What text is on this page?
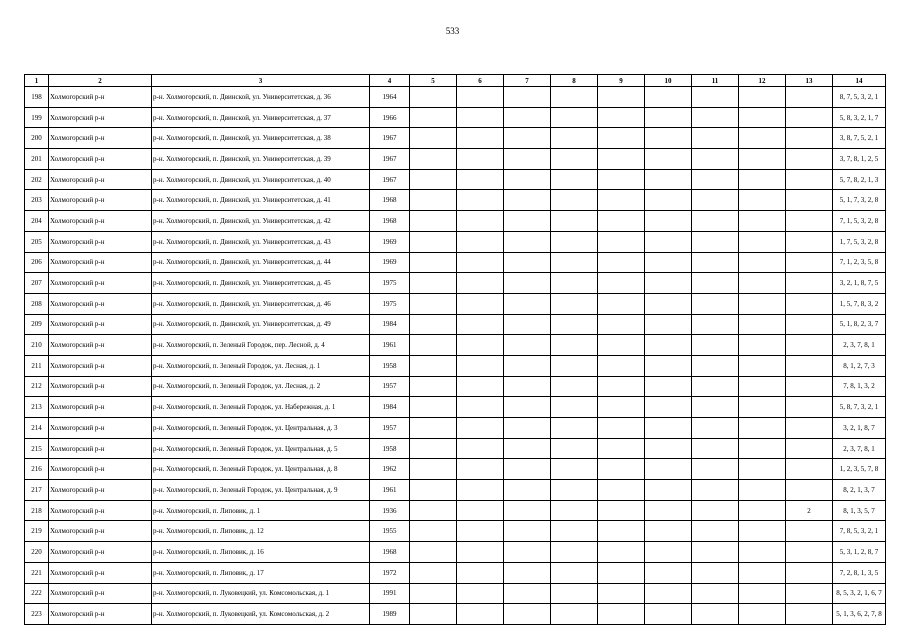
533
1	2	3	4	5	6	7	8	9	10	11	12	13	14
198	Холмогорский р-н	р-н. Холмогорский, п. Двинской, ул. Университетская, д. 36	1964										8, 7, 5, 3, 2, 1
199	Холмогорский р-н	р-н. Холмогорский, п. Двинской, ул. Университетская, д. 37	1966										5, 8, 3, 2, 1, 7
200	Холмогорский р-н	р-н. Холмогорский, п. Двинской, ул. Университетская, д. 38	1967										3, 8, 7, 5, 2, 1
201	Холмогорский р-н	р-н. Холмогорский, п. Двинской, ул. Университетская, д. 39	1967										3, 7, 8, 1, 2, 5
202	Холмогорский р-н	р-н. Холмогорский, п. Двинской, ул. Университетская, д. 40	1967										5, 7, 8, 2, 1, 3
203	Холмогорский р-н	р-н. Холмогорский, п. Двинской, ул. Университетская, д. 41	1968										5, 1, 7, 3, 2, 8
204	Холмогорский р-н	р-н. Холмогорский, п. Двинской, ул. Университетская, д. 42	1968										7, 1, 5, 3, 2, 8
205	Холмогорский р-н	р-н. Холмогорский, п. Двинской, ул. Университетская, д. 43	1969										1, 7, 5, 3, 2, 8
206	Холмогорский р-н	р-н. Холмогорский, п. Двинской, ул. Университетская, д. 44	1969										7, 1, 2, 3, 5, 8
207	Холмогорский р-н	р-н. Холмогорский, п. Двинской, ул. Университетская, д. 45	1975										3, 2, 1, 8, 7, 5
208	Холмогорский р-н	р-н. Холмогорский, п. Двинской, ул. Университетская, д. 46	1975										1, 5, 7, 8, 3, 2
209	Холмогорский р-н	р-н. Холмогорский, п. Двинской, ул. Университетская, д. 49	1984										5, 1, 8, 2, 3, 7
210	Холмогорский р-н	р-н. Холмогорский, п. Зеленый Городок, пер. Лесной, д. 4	1961										2, 3, 7, 8, 1
211	Холмогорский р-н	р-н. Холмогорский, п. Зеленый Городок, ул. Лесная, д. 1	1958										8, 1, 2, 7, 3
212	Холмогорский р-н	р-н. Холмогорский, п. Зеленый Городок, ул. Лесная, д. 2	1957										7, 8, 1, 3, 2
213	Холмогорский р-н	р-н. Холмогорский, п. Зеленый Городок, ул. Набережная, д. 1	1984										5, 8, 7, 3, 2, 1
214	Холмогорский р-н	р-н. Холмогорский, п. Зеленый Городок, ул. Центральная, д. 3	1957										3, 2, 1, 8, 7
215	Холмогорский р-н	р-н. Холмогорский, п. Зеленый Городок, ул. Центральная, д. 5	1958										2, 3, 7, 8, 1
216	Холмогорский р-н	р-н. Холмогорский, п. Зеленый Городок, ул. Центральная, д. 8	1962										1, 2, 3, 5, 7, 8
217	Холмогорский р-н	р-н. Холмогорский, п. Зеленый Городок, ул. Центральная, д. 9	1961										8, 2, 1, 3, 7
218	Холмогорский р-н	р-н. Холмогорский, п. Липовик, д. 1	1936									2	8, 1, 3, 5, 7
219	Холмогорский р-н	р-н. Холмогорский, п. Липовик, д. 12	1955										7, 8, 5, 3, 2, 1
220	Холмогорский р-н	р-н. Холмогорский, п. Липовик, д. 16	1968										5, 3, 1, 2, 8, 7
221	Холмогорский р-н	р-н. Холмогорский, п. Липовик, д. 17	1972										7, 2, 8, 1, 3, 5
222	Холмогорский р-н	р-н. Холмогорский, п. Луковецкий, ул. Комсомольская, д. 1	1991										8, 5, 3, 2, 1, 6, 7
223	Холмогорский р-н	р-н. Холмогорский, п. Луковецкий, ул. Комсомольская, д. 2	1989										5, 1, 3, 6, 2, 7, 8
